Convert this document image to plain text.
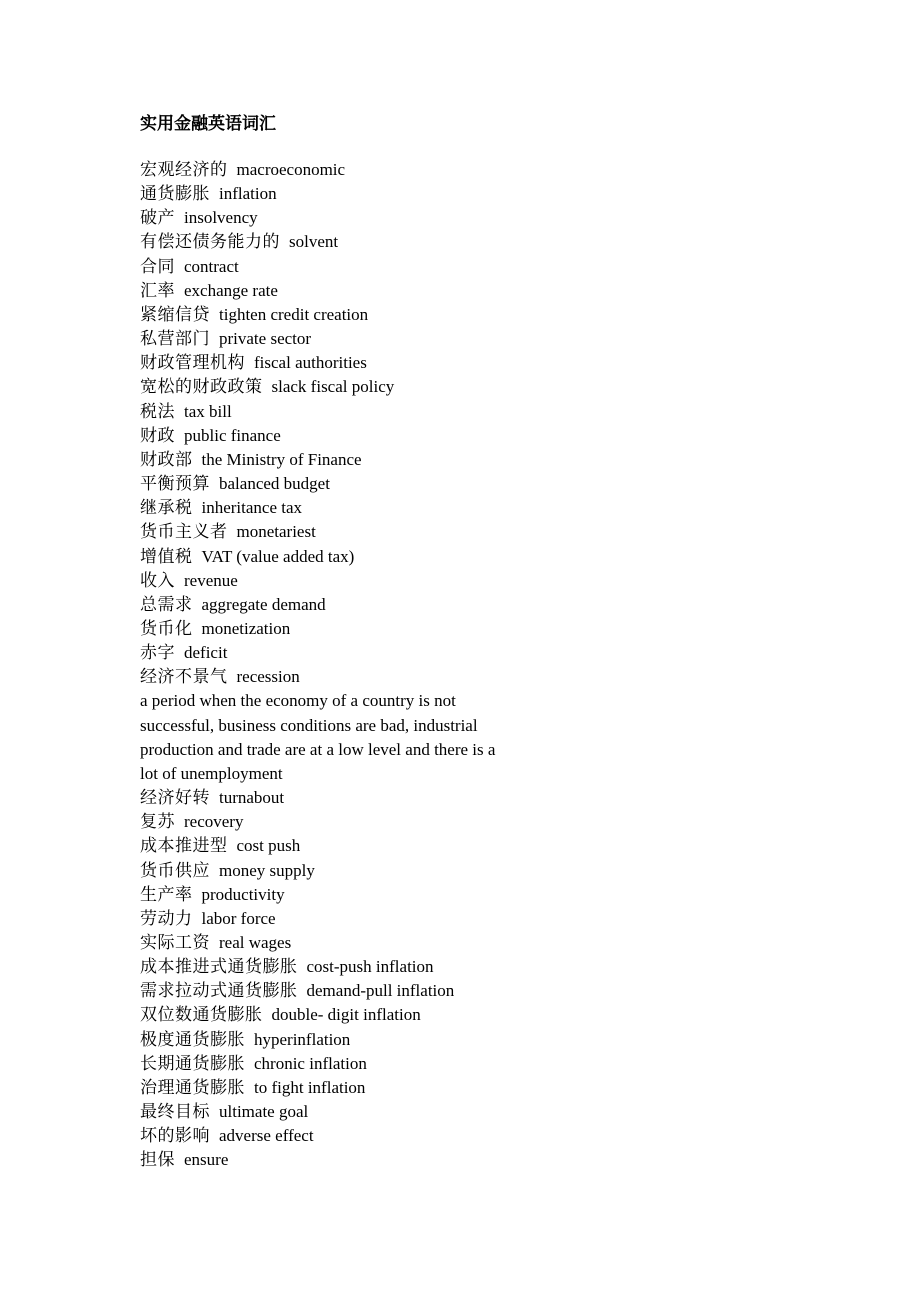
实用金融英语词汇
宏观经济的 macroeconomic
通货膨胀 inflation
破产 insolvency
有偿还债务能力的 solvent
合同 contract
汇率 exchange rate
紧缩信贷 tighten credit creation
私营部门 private sector
财政管理机构 fiscal authorities
宽松的财政政策 slack fiscal policy
税法 tax bill
财政 public finance
财政部 the Ministry of Finance
平衡预算 balanced budget
继承税 inheritance tax
货币主义者 monetariest
增值税 VAT (value added tax)
收入 revenue
总需求 aggregate demand
货币化 monetization
赤字 deficit
经济不景气 recession
a period when the economy of a country is not successful, business conditions are bad, industrial production and trade are at a low level and there is a lot of unemployment
经济好转 turnabout
复苏 recovery
成本推进型 cost push
货币供应 money supply
生产率 productivity
劳动力 labor force
实际工资 real wages
成本推进式通货膨胀 cost-push inflation
需求拉动式通货膨胀 demand-pull inflation
双位数通货膨胀 double- digit inflation
极度通货膨胀 hyperinflation
长期通货膨胀 chronic inflation
治理通货膨胀 to fight inflation
最终目标 ultimate goal
坏的影响 adverse effect
担保 ensure
